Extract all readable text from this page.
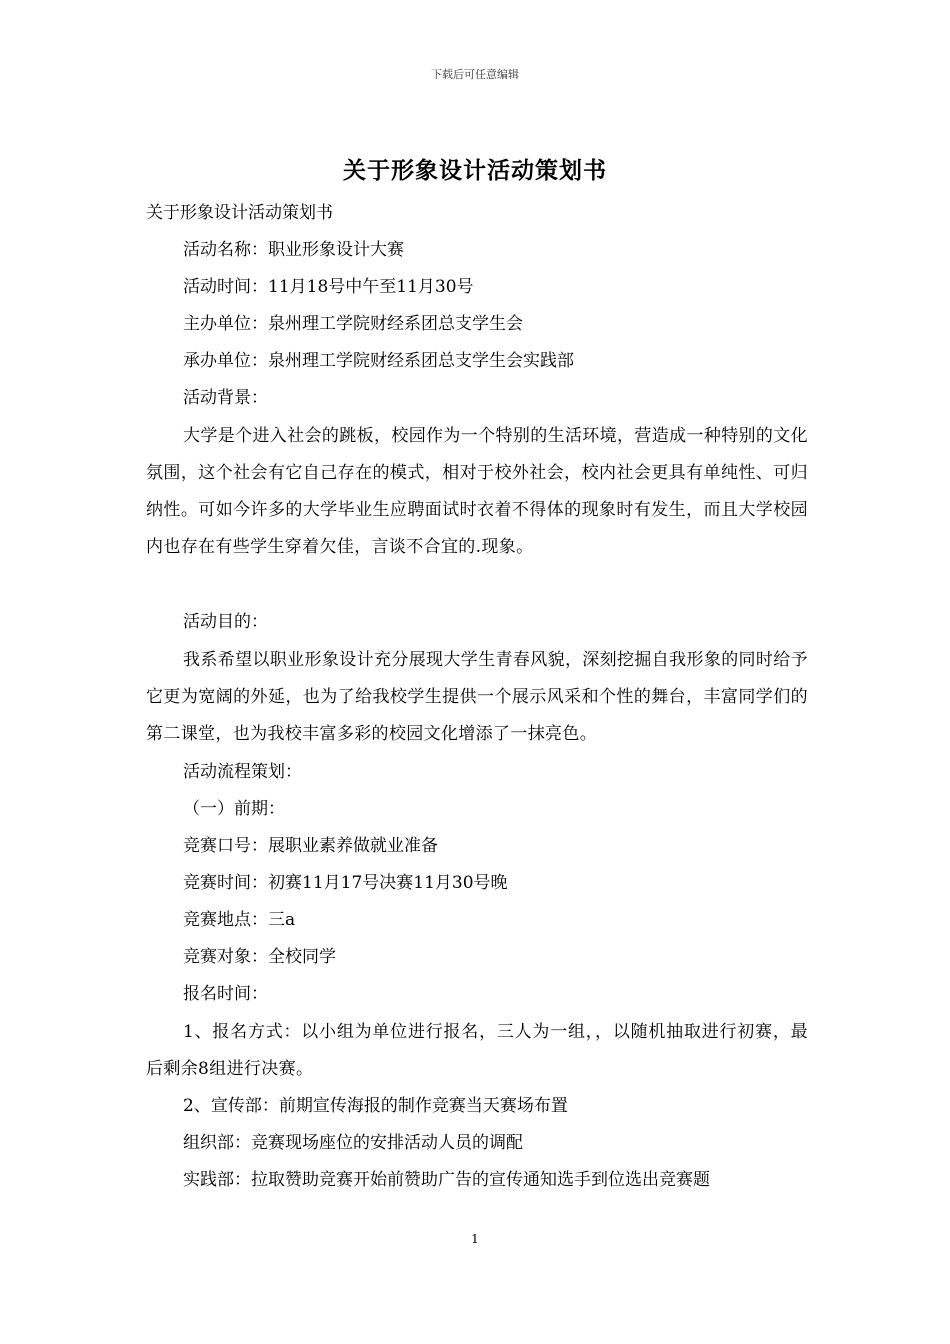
下载后可任意编辑
关于形象设计活动策划书
关于形象设计活动策划书
活动名称：职业形象设计大赛
活动时间：11月18号中午至11月30号
主办单位：泉州理工学院财经系团总支学生会
承办单位：泉州理工学院财经系团总支学生会实践部
活动背景：
大学是个进入社会的跳板，校园作为一个特别的生活环境，营造成一种特别的文化氛围，这个社会有它自己存在的模式，相对于校外社会，校内社会更具有单纯性、可归纳性。可如今许多的大学毕业生应聘面试时衣着不得体的现象时有发生，而且大学校园内也存在有些学生穿着欠佳，言谈不合宜的.现象。
活动目的：
我系希望以职业形象设计充分展现大学生青春风貌，深刻挖掘自我形象的同时给予它更为宽阔的外延，也为了给我校学生提供一个展示风采和个性的舞台，丰富同学们的第二课堂，也为我校丰富多彩的校园文化增添了一抹亮色。
活动流程策划：
（一）前期：
竞赛口号：展职业素养做就业准备
竞赛时间：初赛11月17号决赛11月30号晚
竞赛地点：三a
竞赛对象：全校同学
报名时间：
1、报名方式：以小组为单位进行报名，三人为一组，，以随机抽取进行初赛，最后剩余8组进行决赛。
2、宣传部：前期宣传海报的制作竞赛当天赛场布置
组织部：竞赛现场座位的安排活动人员的调配
实践部：拉取赞助竞赛开始前赞助广告的宣传通知选手到位选出竞赛题
1
